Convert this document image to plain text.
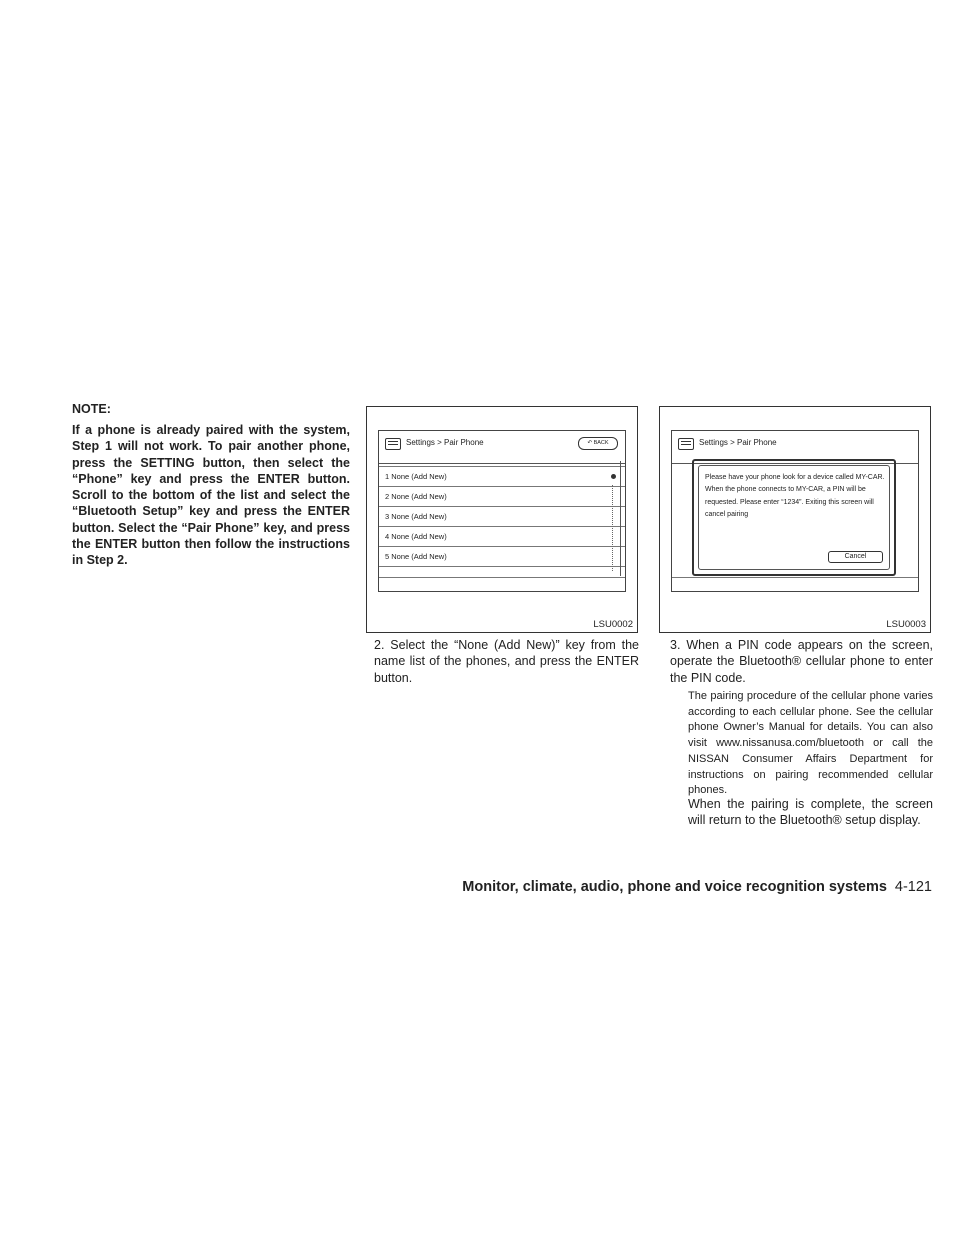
NOTE:

If a phone is already paired with the system, Step 1 will not work. To pair another phone, press the SETTING button, then select the “Phone” key and press the ENTER button. Scroll to the bottom of the list and select the “Bluetooth Setup” key and press the ENTER button. Select the “Pair Phone” key, and press the ENTER button then follow the instructions in Step 2.

Settings > Pair Phone	↶ BACK
1 None (Add New)
2 None (Add New)
3 None (Add New)
4 None (Add New)
5 None (Add New)
LSU0002
Settings > Pair Phone
Please have your phone look for a device called MY-CAR. When the phone connects to MY-CAR, a PIN will be requested. Please enter “1234”. Exiting this screen will cancel pairing
Cancel
LSU0003
2. Select the “None (Add New)” key from the name list of the phones, and press the ENTER button.
3. When a PIN code appears on the screen, operate the Bluetooth® cellular phone to enter the PIN code.
The pairing procedure of the cellular phone varies according to each cellular phone. See the cellular phone Owner’s Manual for details. You can also visit www.nissanusa.com/bluetooth or call the NISSAN Consumer Affairs Department for instructions on pairing recommended cellular phones.
When the pairing is complete, the screen will return to the Bluetooth® setup display.
Monitor, climate, audio, phone and voice recognition systems 4-121
